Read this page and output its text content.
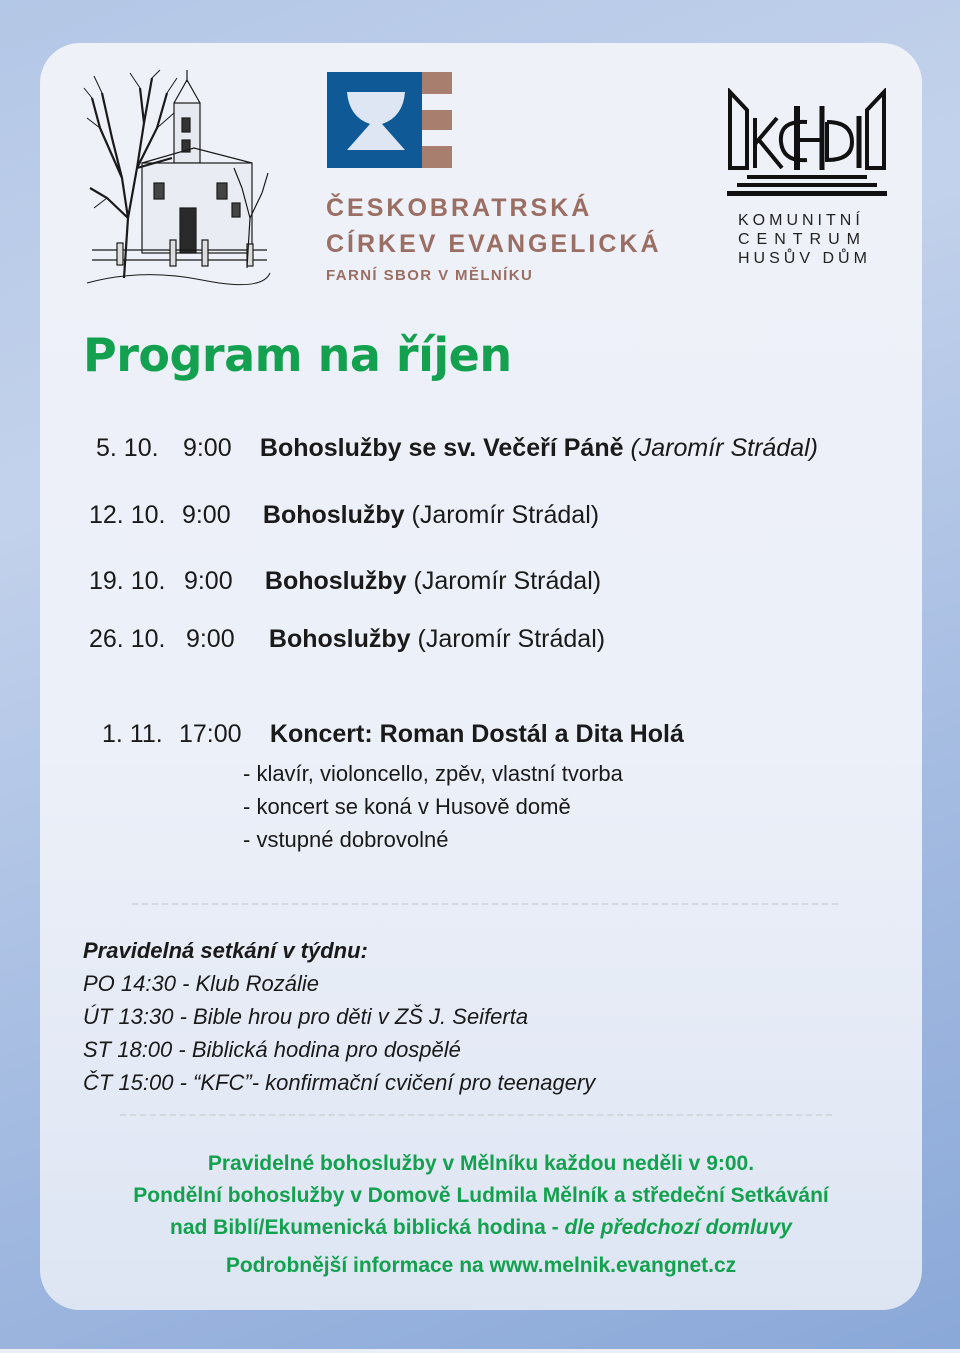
ČESKOBRATRSKÁ
CÍRKEV EVANGELICKÁ
FARNÍ SBOR V MĚLNÍKU
KOMUNITNÍ
CENTRUM
HUSŮV DŮM
Program na říjen
5. 10. 9:00 Bohoslužby se sv. Večeří Páně (Jaromír Strádal)
12. 10. 9:00 Bohoslužby (Jaromír Strádal)
19. 10. 9:00 Bohoslužby (Jaromír Strádal)
26. 10. 9:00 Bohoslužby (Jaromír Strádal)
1. 11. 17:00 Koncert: Roman Dostál a Dita Holá
- klavír, violoncello, zpěv, vlastní tvorba
- koncert se koná v Husově domě
- vstupné dobrovolné
Pravidelná setkání v týdnu:
PO 14:30 - Klub Rozálie
ÚT 13:30 - Bible hrou pro děti v ZŠ J. Seiferta
ST 18:00 - Biblická hodina pro dospělé
ČT 15:00 - “KFC”- konfirmační cvičení pro teenagery
Pravidelné bohoslužby v Mělníku každou neděli v 9:00.
Pondělní bohoslužby v Domově Ludmila Mělník a středeční Setkávání
nad Biblí/Ekumenická biblická hodina - dle předchozí domluvy
Podrobnější informace na www.melnik.evangnet.cz
